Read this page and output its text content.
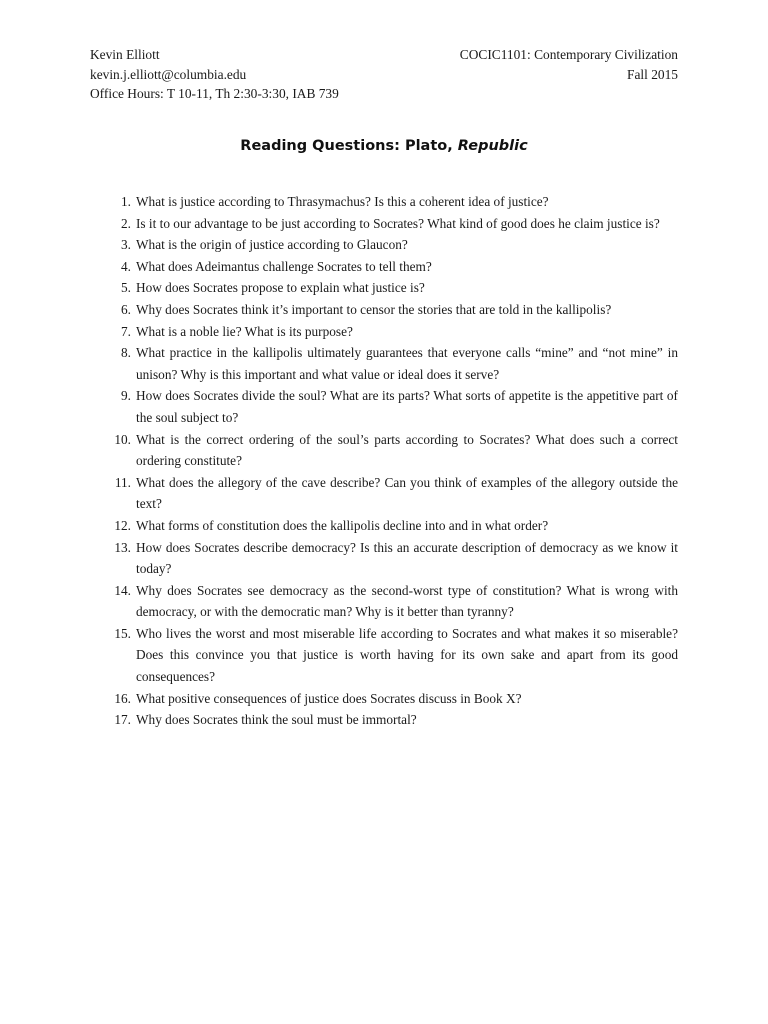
Kevin Elliott
kevin.j.elliott@columbia.edu
Office Hours: T 10-11, Th 2:30-3:30, IAB 739
COCIC1101: Contemporary Civilization
Fall 2015
Reading Questions: Plato, Republic
1. What is justice according to Thrasymachus? Is this a coherent idea of justice?
2. Is it to our advantage to be just according to Socrates? What kind of good does he claim justice is?
3. What is the origin of justice according to Glaucon?
4. What does Adeimantus challenge Socrates to tell them?
5. How does Socrates propose to explain what justice is?
6. Why does Socrates think it’s important to censor the stories that are told in the kallipolis?
7. What is a noble lie? What is its purpose?
8. What practice in the kallipolis ultimately guarantees that everyone calls “mine” and “not mine” in unison? Why is this important and what value or ideal does it serve?
9. How does Socrates divide the soul? What are its parts? What sorts of appetite is the appetitive part of the soul subject to?
10. What is the correct ordering of the soul’s parts according to Socrates? What does such a correct ordering constitute?
11. What does the allegory of the cave describe? Can you think of examples of the allegory outside the text?
12. What forms of constitution does the kallipolis decline into and in what order?
13. How does Socrates describe democracy? Is this an accurate description of democracy as we know it today?
14. Why does Socrates see democracy as the second-worst type of constitution? What is wrong with democracy, or with the democratic man? Why is it better than tyranny?
15. Who lives the worst and most miserable life according to Socrates and what makes it so miserable? Does this convince you that justice is worth having for its own sake and apart from its good consequences?
16. What positive consequences of justice does Socrates discuss in Book X?
17. Why does Socrates think the soul must be immortal?
